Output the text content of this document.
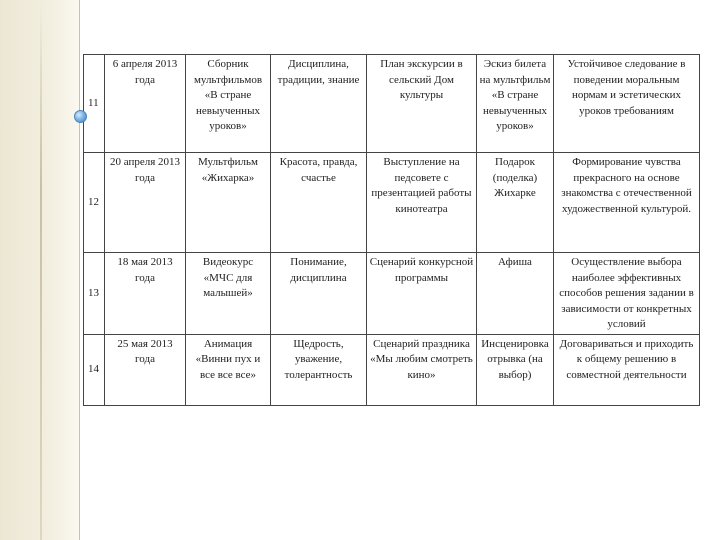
11	6 апреля 2013 года	Сборник мультфильмов «В стране невыученных уроков»	Дисциплина, традиции, знание	План экскурсии в сельский Дом культуры	Эскиз билета на мультфильм «В стране невыученных уроков»	Устойчивое следование в поведении моральным нормам и эстетических уроков требованиям
12	20 апреля 2013 года	Мультфильм «Жихарка»	Красота, правда, счастье	Выступление на педсовете с презентацией работы кинотеатра	Подарок (поделка) Жихарке	Формирование чувства прекрасного на основе знакомства с отечественной художественной культурой.
13	18 мая 2013 года	Видеокурс «МЧС для малышей»	Понимание, дисциплина	Сценарий конкурсной программы	Афиша	Осуществление выбора наиболее эффективных способов решения задании в зависимости от конкретных условий
14	25 мая 2013 года	Анимация «Винни пух и все все все»	Щедрость, уважение, толерантность	Сценарий праздника «Мы любим смотреть кино»	Инсценировка отрывка (на выбор)	Договариваться и приходить к общему решению в совместной деятельности
